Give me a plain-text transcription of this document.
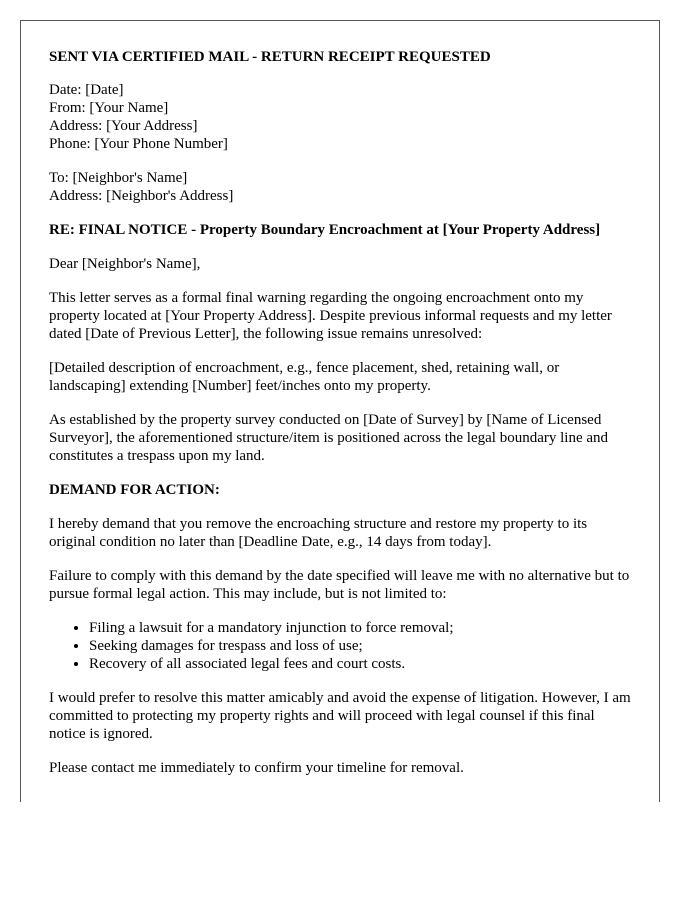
SENT VIA CERTIFIED MAIL - RETURN RECEIPT REQUESTED
Date: [Date]
From: [Your Name]
Address: [Your Address]
Phone: [Your Phone Number]
To: [Neighbor's Name]
Address: [Neighbor's Address]
RE: FINAL NOTICE - Property Boundary Encroachment at [Your Property Address]

Dear [Neighbor's Name],

This letter serves as a formal final warning regarding the ongoing encroachment onto my property located at [Your Property Address]. Despite previous informal requests and my letter dated [Date of Previous Letter], the following issue remains unresolved:

[Detailed description of encroachment, e.g., fence placement, shed, retaining wall, or landscaping] extending [Number] feet/inches onto my property.

As established by the property survey conducted on [Date of Survey] by [Name of Licensed Surveyor], the aforementioned structure/item is positioned across the legal boundary line and constitutes a trespass upon my land.

DEMAND FOR ACTION:

I hereby demand that you remove the encroaching structure and restore my property to its original condition no later than [Deadline Date, e.g., 14 days from today].

Failure to comply with this demand by the date specified will leave me with no alternative but to pursue formal legal action. This may include, but is not limited to:

• Filing a lawsuit for a mandatory injunction to force removal;
• Seeking damages for trespass and loss of use;
• Recovery of all associated legal fees and court costs.

I would prefer to resolve this matter amicably and avoid the expense of litigation. However, I am committed to protecting my property rights and will proceed with legal counsel if this final notice is ignored.

Please contact me immediately to confirm your timeline for removal.
